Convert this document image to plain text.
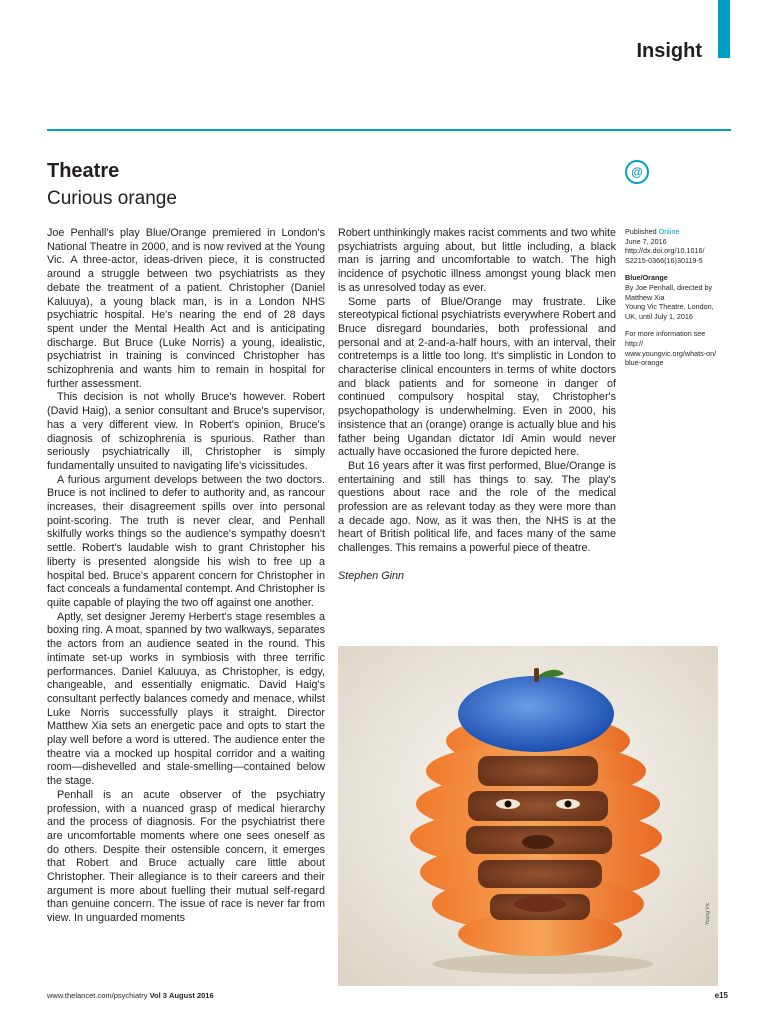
Insight
Theatre
Curious orange
@

Joe Penhall's play Blue/Orange premiered in London's National Theatre in 2000, and is now revived at the Young Vic. A three-actor, ideas-driven piece, it is constructed around a struggle between two psychiatrists as they debate the treatment of a patient. Christopher (Daniel Kaluuya), a young black man, is in a London NHS psychiatric hospital. He's nearing the end of 28 days spent under the Mental Health Act and is anticipating discharge. But Bruce (Luke Norris) a young, idealistic, psychiatrist in training is convinced Christopher has schizophrenia and wants him to remain in hospital for further assessment.

This decision is not wholly Bruce's however. Robert (David Haig), a senior consultant and Bruce's supervisor, has a very different view. In Robert's opinion, Bruce's diagnosis of schizophrenia is spurious. Rather than seriously psychiatrically ill, Christopher is simply fundamentally unsuited to navigating life's vicissitudes.

A furious argument develops between the two doctors. Bruce is not inclined to defer to authority and, as rancour increases, their disagreement spills over into personal point-scoring. The truth is never clear, and Penhall skilfully works things so the audience's sympathy doesn't settle. Robert's laudable wish to grant Christopher his liberty is presented alongside his wish to free up a hospital bed. Bruce's apparent concern for Christopher in fact conceals a fundamental contempt. And Christopher is quite capable of playing the two off against one another.

Aptly, set designer Jeremy Herbert's stage resembles a boxing ring. A moat, spanned by two walkways, separates the actors from an audience seated in the round. This intimate set-up works in symbiosis with three terrific performances. Daniel Kaluuya, as Christopher, is edgy, changeable, and essentially enigmatic. David Haig's consultant perfectly balances comedy and menace, whilst Luke Norris successfully plays it straight. Director Matthew Xia sets an energetic pace and opts to start the play well before a word is uttered. The audience enter the theatre via a mocked up hospital corridor and a waiting room—dishevelled and stale-smelling—contained below the stage.

Penhall is an acute observer of the psychiatry profession, with a nuanced grasp of medical hierarchy and the process of diagnosis. For the psychiatrist there are uncomfortable moments where one sees oneself as do others. Despite their ostensible concern, it emerges that Robert and Bruce actually care little about Christopher. Their allegiance is to their careers and their argument is more about fuelling their mutual self-regard than genuine concern. The issue of race is never far from view. In unguarded moments

Robert unthinkingly makes racist comments and two white psychiatrists arguing about, but little including, a black man is jarring and uncomfortable to watch. The high incidence of psychotic illness amongst young black men is as unresolved today as ever.

Some parts of Blue/Orange may frustrate. Like stereotypical fictional psychiatrists everywhere Robert and Bruce disregard boundaries, both professional and personal and at 2-and-a-half hours, with an interval, their contretemps is a little too long. It's simplistic in London to characterise clinical encounters in terms of white doctors and black patients and for someone in danger of continued compulsory hospital stay, Christopher's psychopathology is underwhelming. Even in 2000, his insistence that an (orange) orange is actually blue and his father being Ugandan dictator Idi Amin would never actually have occasioned the furore depicted here.

But 16 years after it was first performed, Blue/Orange is entertaining and still has things to say. The play's questions about race and the role of the medical profession are as relevant today as they were more than a decade ago. Now, as it was then, the NHS is at the heart of British political life, and faces many of the same challenges. This remains a powerful piece of theatre.

Stephen Ginn

Published Online
June 7, 2016
http://dx.doi.org/10.1016/ S2215-0366(16)30119-5

Blue/Orange
By Joe Penhall, directed by Matthew Xia
Young Vic Theatre, London, UK, until July 1, 2016

For more information see http:// www.youngvic.org/whats-on/ blue-orange

Young Vic
www.thelancet.com/psychiatry Vol 3 August 2016	e15
